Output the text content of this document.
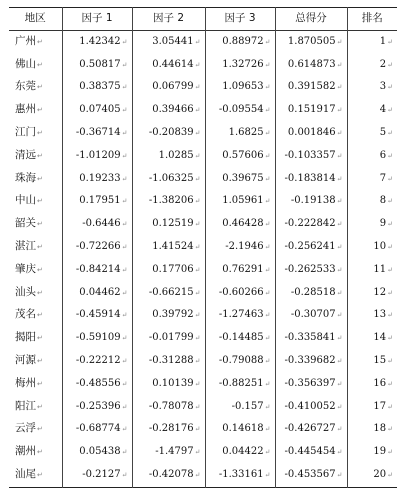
地区	因子 1	因子 2	因子 3	总得分	排名
广州↵	1.42342↵	3.05441↵	0.88972↵	1.870505↵	1↵
佛山↵	0.50817↵	0.44614↵	1.32726↵	0.614873↵	2↵
东莞↵	0.38375↵	0.06799↵	1.09653↵	0.391582↵	3↵
惠州↵	0.07405↵	0.39466↵	-0.09554↵	0.151917↵	4↵
江门↵	-0.36714↵	-0.20839↵	1.6825↵	0.001846↵	5↵
清远↵	-1.01209↵	1.0285↵	0.57606↵	-0.103357↵	6↵
珠海↵	0.19233↵	-1.06325↵	0.39675↵	-0.183814↵	7↵
中山↵	0.17951↵	-1.38206↵	1.05961↵	-0.19138↵	8↵
韶关↵	-0.6446↵	0.12519↵	0.46428↵	-0.222842↵	9↵
湛江↵	-0.72266↵	1.41524↵	-2.1946↵	-0.256241↵	10↵
肇庆↵	-0.84214↵	0.17706↵	0.76291↵	-0.262533↵	11↵
汕头↵	0.04462↵	-0.66215↵	-0.60266↵	-0.28518↵	12↵
茂名↵	-0.45914↵	0.39792↵	-1.27463↵	-0.30707↵	13↵
揭阳↵	-0.59109↵	-0.01799↵	-0.14485↵	-0.335841↵	14↵
河源↵	-0.22212↵	-0.31288↵	-0.79088↵	-0.339682↵	15↵
梅州↵	-0.48556↵	0.10139↵	-0.88251↵	-0.356397↵	16↵
阳江↵	-0.25396↵	-0.78078↵	-0.157↵	-0.410052↵	17↵
云浮↵	-0.68774↵	-0.28176↵	0.14618↵	-0.426727↵	18↵
潮州↵	0.05438↵	-1.4797↵	0.04422↵	-0.445454↵	19↵
汕尾↵	-0.2127↵	-0.42078↵	-1.33161↵	-0.453567↵	20↵
